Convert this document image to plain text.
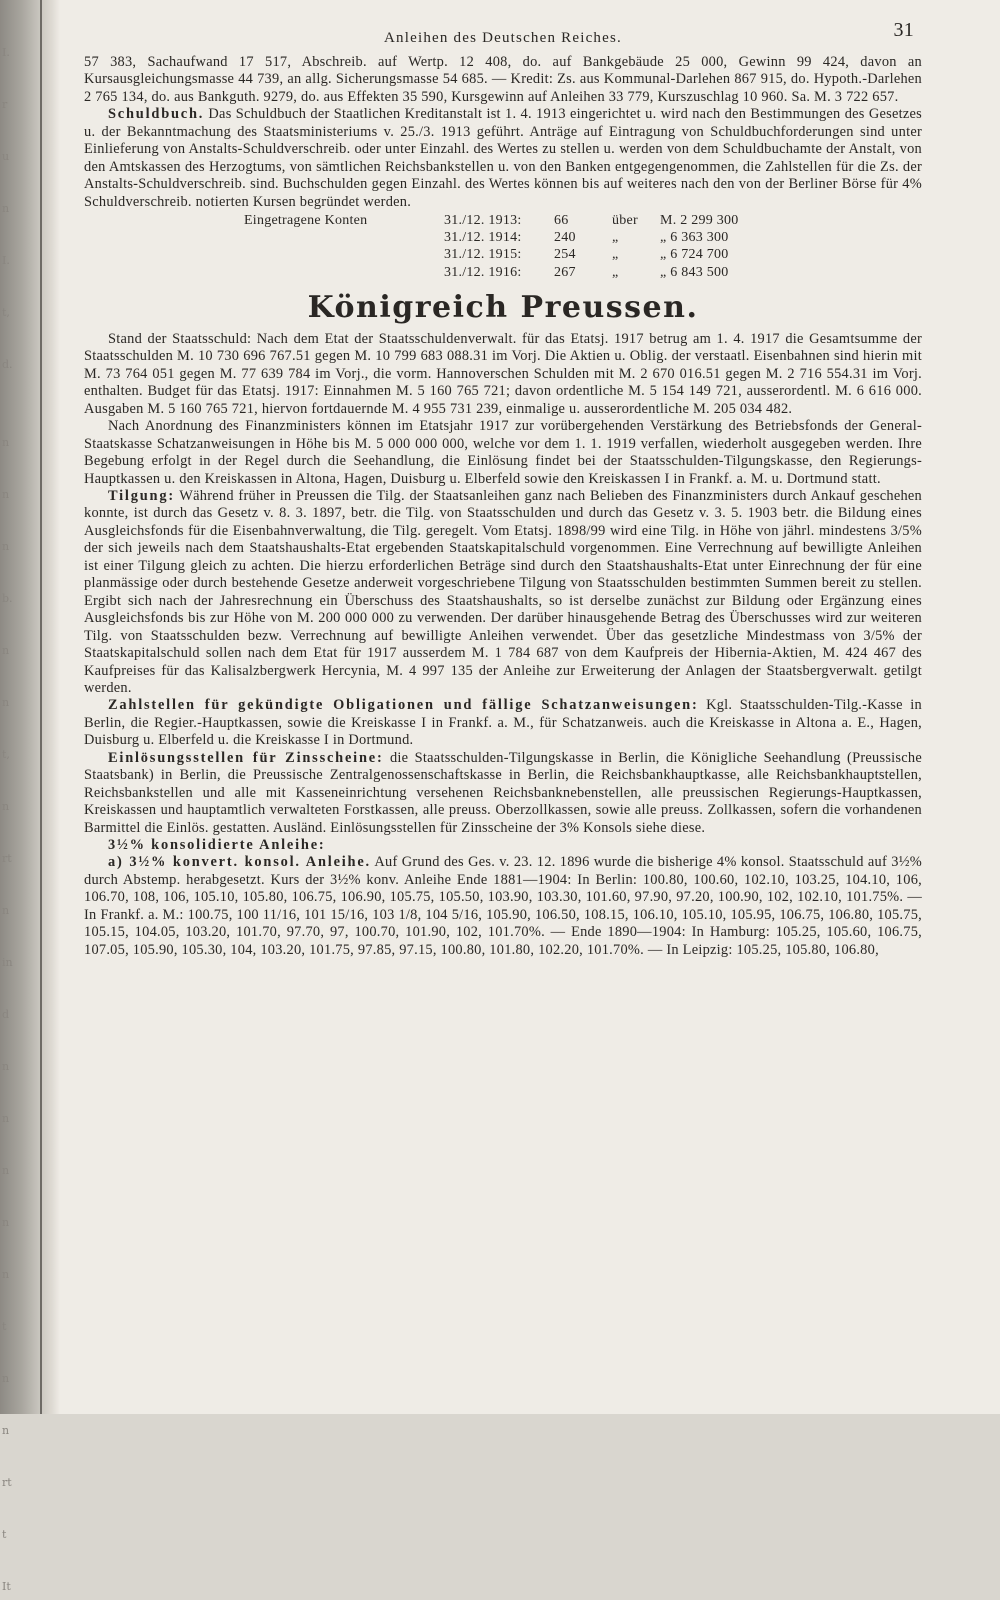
I.

r

u

n

I.

t,

d.

n

n

n

b.

n

n

t,

n

rt

n

in

d

n

n

n

n

n

t

n

n

rt

t

It
Anleihen des Deutschen Reiches.	31

57 383, Sachaufwand 17 517, Abschreib. auf Wertp. 12 408, do. auf Bankgebäude 25 000, Gewinn 99 424, davon an Kursausgleichungsmasse 44 739, an allg. Sicherungsmasse 54 685. — Kredit: Zs. aus Kommunal-Darlehen 867 915, do. Hypoth.-Darlehen 2 765 134, do. aus Bankguth. 9279, do. aus Effekten 35 590, Kursgewinn auf Anleihen 33 779, Kurszuschlag 10 960. Sa. M. 3 722 657.

Schuldbuch. Das Schuldbuch der Staatlichen Kreditanstalt ist 1. 4. 1913 eingerichtet u. wird nach den Bestimmungen des Gesetzes u. der Bekanntmachung des Staatsministeriums v. 25./3. 1913 geführt. Anträge auf Eintragung von Schuldbuchforderungen sind unter Einlieferung von Anstalts-Schuldverschreib. oder unter Einzahl. des Wertes zu stellen u. werden von dem Schuldbuchamte der Anstalt, von den Amtskassen des Herzogtums, von sämtlichen Reichsbankstellen u. von den Banken entgegengenommen, die Zahlstellen für die Zs. der Anstalts-Schuldverschreib. sind. Buchschulden gegen Einzahl. des Wertes können bis auf weiteres nach den von der Berliner Börse für 4% Schuldverschreib. notierten Kursen begründet werden.

Eingetragene Konten	31./12. 1913:	66	über	M. 2 299 300
31./12. 1914:	240	„	„ 6 363 300
31./12. 1915:	254	„	„ 6 724 700
31./12. 1916:	267	„	„ 6 843 500
Königreich Preussen.

Stand der Staatsschuld: Nach dem Etat der Staatsschuldenverwalt. für das Etatsj. 1917 betrug am 1. 4. 1917 die Gesamtsumme der Staatsschulden M. 10 730 696 767.51 gegen M. 10 799 683 088.31 im Vorj. Die Aktien u. Oblig. der verstaatl. Eisenbahnen sind hierin mit M. 73 764 051 gegen M. 77 639 784 im Vorj., die vorm. Hannoverschen Schulden mit M. 2 670 016.51 gegen M. 2 716 554.31 im Vorj. enthalten. Budget für das Etatsj. 1917: Einnahmen M. 5 160 765 721; davon ordentliche M. 5 154 149 721, ausserordentl. M. 6 616 000. Ausgaben M. 5 160 765 721, hiervon fortdauernde M. 4 955 731 239, einmalige u. ausserordentliche M. 205 034 482.

Nach Anordnung des Finanzministers können im Etatsjahr 1917 zur vorübergehenden Verstärkung des Betriebsfonds der General-Staatskasse Schatzanweisungen in Höhe bis M. 5 000 000 000, welche vor dem 1. 1. 1919 verfallen, wiederholt ausgegeben werden. Ihre Begebung erfolgt in der Regel durch die Seehandlung, die Einlösung findet bei der Staatsschulden-Tilgungskasse, den Regierungs-Hauptkassen u. den Kreiskassen in Altona, Hagen, Duisburg u. Elberfeld sowie den Kreiskassen I in Frankf. a. M. u. Dortmund statt.

Tilgung: Während früher in Preussen die Tilg. der Staatsanleihen ganz nach Belieben des Finanzministers durch Ankauf geschehen konnte, ist durch das Gesetz v. 8. 3. 1897, betr. die Tilg. von Staatsschulden und durch das Gesetz v. 3. 5. 1903 betr. die Bildung eines Ausgleichsfonds für die Eisenbahnverwaltung, die Tilg. geregelt. Vom Etatsj. 1898/99 wird eine Tilg. in Höhe von jährl. mindestens 3/5% der sich jeweils nach dem Staatshaushalts-Etat ergebenden Staatskapitalschuld vorgenommen. Eine Verrechnung auf bewilligte Anleihen ist einer Tilgung gleich zu achten. Die hierzu erforderlichen Beträge sind durch den Staatshaushalts-Etat unter Einrechnung der für eine planmässige oder durch bestehende Gesetze anderweit vorgeschriebene Tilgung von Staatsschulden bestimmten Summen bereit zu stellen. Ergibt sich nach der Jahresrechnung ein Überschuss des Staatshaushalts, so ist derselbe zunächst zur Bildung oder Ergänzung eines Ausgleichsfonds bis zur Höhe von M. 200 000 000 zu verwenden. Der darüber hinausgehende Betrag des Überschusses wird zur weiteren Tilg. von Staatsschulden bezw. Verrechnung auf bewilligte Anleihen verwendet. Über das gesetzliche Mindestmass von 3/5% der Staatskapitalschuld sollen nach dem Etat für 1917 ausserdem M. 1 784 687 von dem Kaufpreis der Hibernia-Aktien, M. 424 467 des Kaufpreises für das Kalisalzbergwerk Hercynia, M. 4 997 135 der Anleihe zur Erweiterung der Anlagen der Staatsbergverwalt. getilgt werden.

Zahlstellen für gekündigte Obligationen und fällige Schatzanweisungen: Kgl. Staatsschulden-Tilg.-Kasse in Berlin, die Regier.-Hauptkassen, sowie die Kreiskasse I in Frankf. a. M., für Schatzanweis. auch die Kreiskasse in Altona a. E., Hagen, Duisburg u. Elberfeld u. die Kreiskasse I in Dortmund.

Einlösungsstellen für Zinsscheine: die Staatsschulden-Tilgungskasse in Berlin, die Königliche Seehandlung (Preussische Staatsbank) in Berlin, die Preussische Zentralgenossenschaftskasse in Berlin, die Reichsbankhauptkasse, alle Reichsbankhauptstellen, Reichsbankstellen und alle mit Kasseneinrichtung versehenen Reichsbanknebenstellen, alle preussischen Regierungs-Hauptkassen, Kreiskassen und hauptamtlich verwalteten Forstkassen, alle preuss. Oberzollkassen, sowie alle preuss. Zollkassen, sofern die vorhandenen Barmittel die Einlös. gestatten. Ausländ. Einlösungsstellen für Zinsscheine der 3% Konsols siehe diese.

3½% konsolidierte Anleihe:

a) 3½% konvert. konsol. Anleihe. Auf Grund des Ges. v. 23. 12. 1896 wurde die bisherige 4% konsol. Staatsschuld auf 3½% durch Abstemp. herabgesetzt. Kurs der 3½% konv. Anleihe Ende 1881—1904: In Berlin: 100.80, 100.60, 102.10, 103.25, 104.10, 106, 106.70, 108, 106, 105.10, 105.80, 106.75, 106.90, 105.75, 105.50, 103.90, 103.30, 101.60, 97.90, 97.20, 100.90, 102, 102.10, 101.75%. — In Frankf. a. M.: 100.75, 100 11/16, 101 15/16, 103 1/8, 104 5/16, 105.90, 106.50, 108.15, 106.10, 105.10, 105.95, 106.75, 106.80, 105.75, 105.15, 104.05, 103.20, 101.70, 97.70, 97, 100.70, 101.90, 102, 101.70%. — Ende 1890—1904: In Hamburg: 105.25, 105.60, 106.75, 107.05, 105.90, 105.30, 104, 103.20, 101.75, 97.85, 97.15, 100.80, 101.80, 102.20, 101.70%. — In Leipzig: 105.25, 105.80, 106.80,
